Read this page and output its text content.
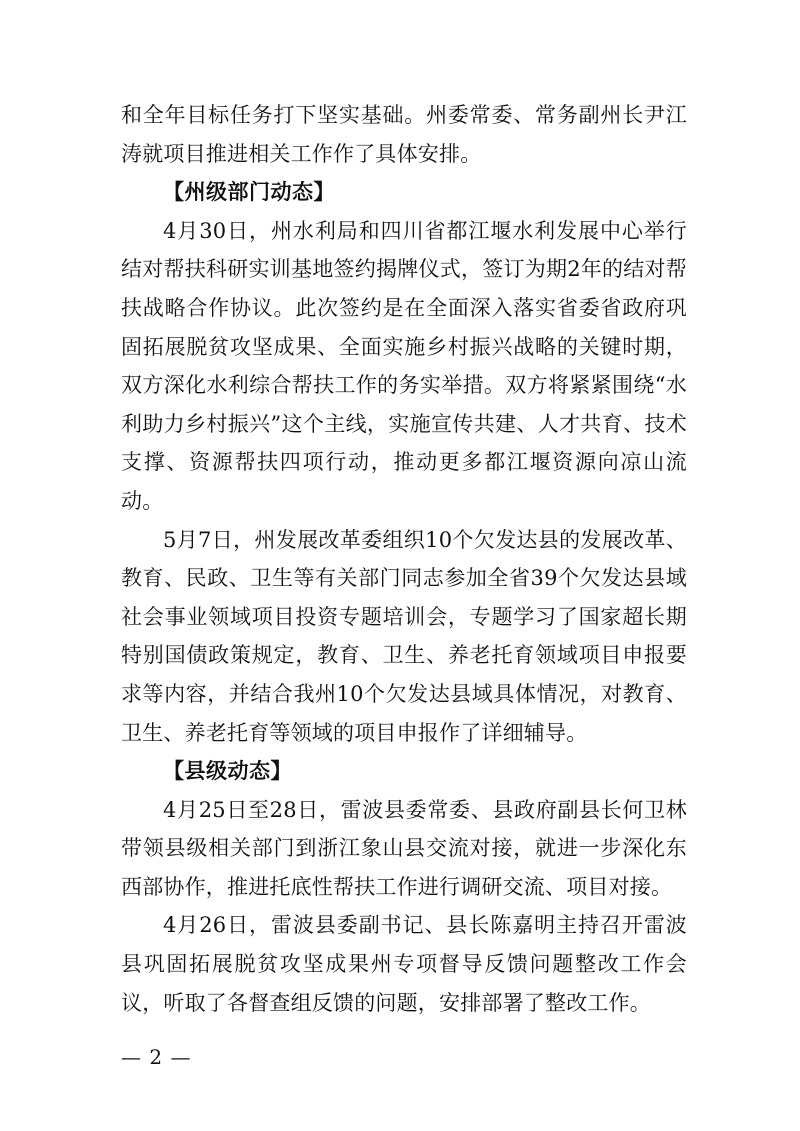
和全年目标任务打下坚实基础。州委常委、常务副州长尹江涛就项目推进相关工作作了具体安排。

【州级部门动态】

4月30日，州水利局和四川省都江堰水利发展中心举行结对帮扶科研实训基地签约揭牌仪式，签订为期2年的结对帮扶战略合作协议。此次签约是在全面深入落实省委省政府巩固拓展脱贫攻坚成果、全面实施乡村振兴战略的关键时期，双方深化水利综合帮扶工作的务实举措。双方将紧紧围绕“水利助力乡村振兴”这个主线，实施宣传共建、人才共育、技术支撑、资源帮扶四项行动，推动更多都江堰资源向凉山流动。

5月7日，州发展改革委组织10个欠发达县的发展改革、教育、民政、卫生等有关部门同志参加全省39个欠发达县域社会事业领域项目投资专题培训会，专题学习了国家超长期特别国债政策规定，教育、卫生、养老托育领域项目申报要求等内容，并结合我州10个欠发达县域具体情况，对教育、卫生、养老托育等领域的项目申报作了详细辅导。

【县级动态】

4月25日至28日，雷波县委常委、县政府副县长何卫林带领县级相关部门到浙江象山县交流对接，就进一步深化东西部协作，推进托底性帮扶工作进行调研交流、项目对接。

4月26日，雷波县委副书记、县长陈嘉明主持召开雷波县巩固拓展脱贫攻坚成果州专项督导反馈问题整改工作会议，听取了各督查组反馈的问题，安排部署了整改工作。

— 2 —
